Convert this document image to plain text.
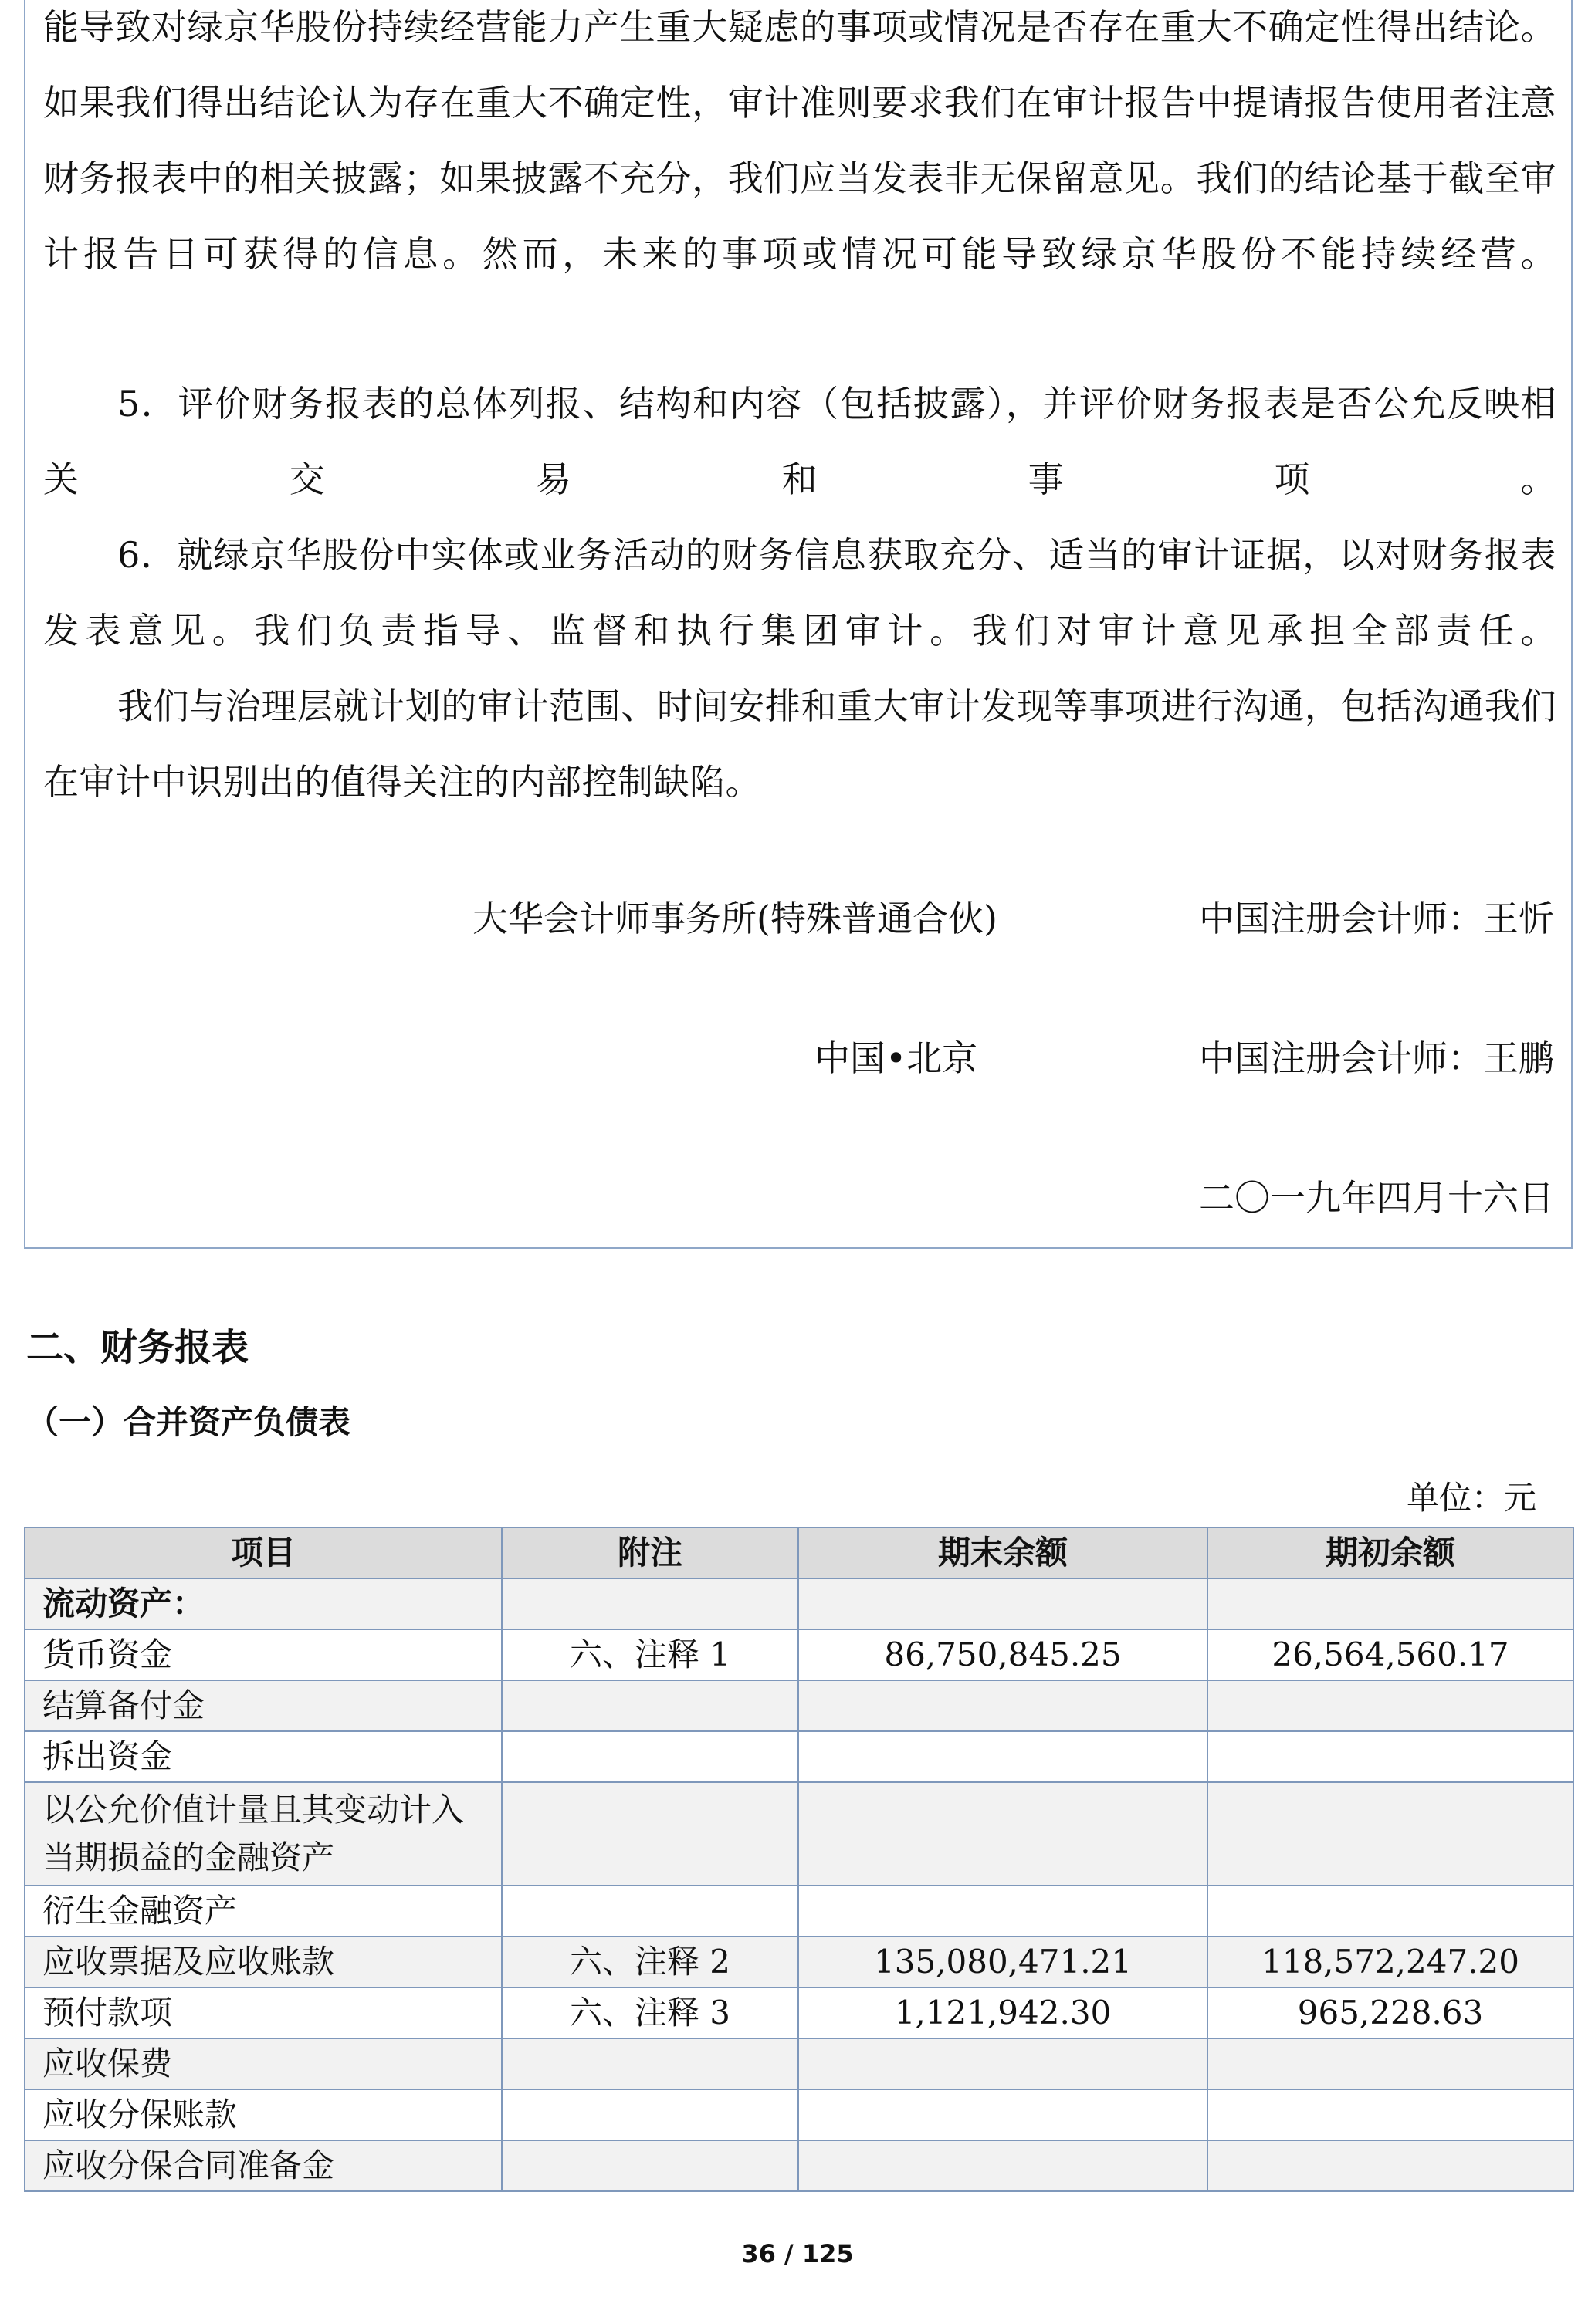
能导致对绿京华股份持续经营能力产生重大疑虑的事项或情况是否存在重大不确定性得出结论。如果我们得出结论认为存在重大不确定性，审计准则要求我们在审计报告中提请报告使用者注意财务报表中的相关披露；如果披露不充分，我们应当发表非无保留意见。我们的结论基于截至审计报告日可获得的信息。然而，未来的事项或情况可能导致绿京华股份不能持续经营。

5．评价财务报表的总体列报、结构和内容（包括披露），并评价财务报表是否公允反映相关交易和事项。

6．就绿京华股份中实体或业务活动的财务信息获取充分、适当的审计证据，以对财务报表发表意见。我们负责指导、监督和执行集团审计。我们对审计意见承担全部责任。

我们与治理层就计划的审计范围、时间安排和重大审计发现等事项进行沟通，包括沟通我们在审计中识别出的值得关注的内部控制缺陷。

大华会计师事务所(特殊普通合伙)	中国注册会计师：王忻
中国•北京	中国注册会计师：王鹏
二〇一九年四月十六日
二、财务报表
（一）合并资产负债表
单位：元
项目	附注	期末余额	期初余额
流动资产：			
货币资金	六、注释 1	86,750,845.25	26,564,560.17
结算备付金			
拆出资金			
以公允价值计量且其变动计入当期损益的金融资产			
衍生金融资产			
应收票据及应收账款	六、注释 2	135,080,471.21	118,572,247.20
预付款项	六、注释 3	1,121,942.30	965,228.63
应收保费			
应收分保账款			
应收分保合同准备金			
36 / 125
